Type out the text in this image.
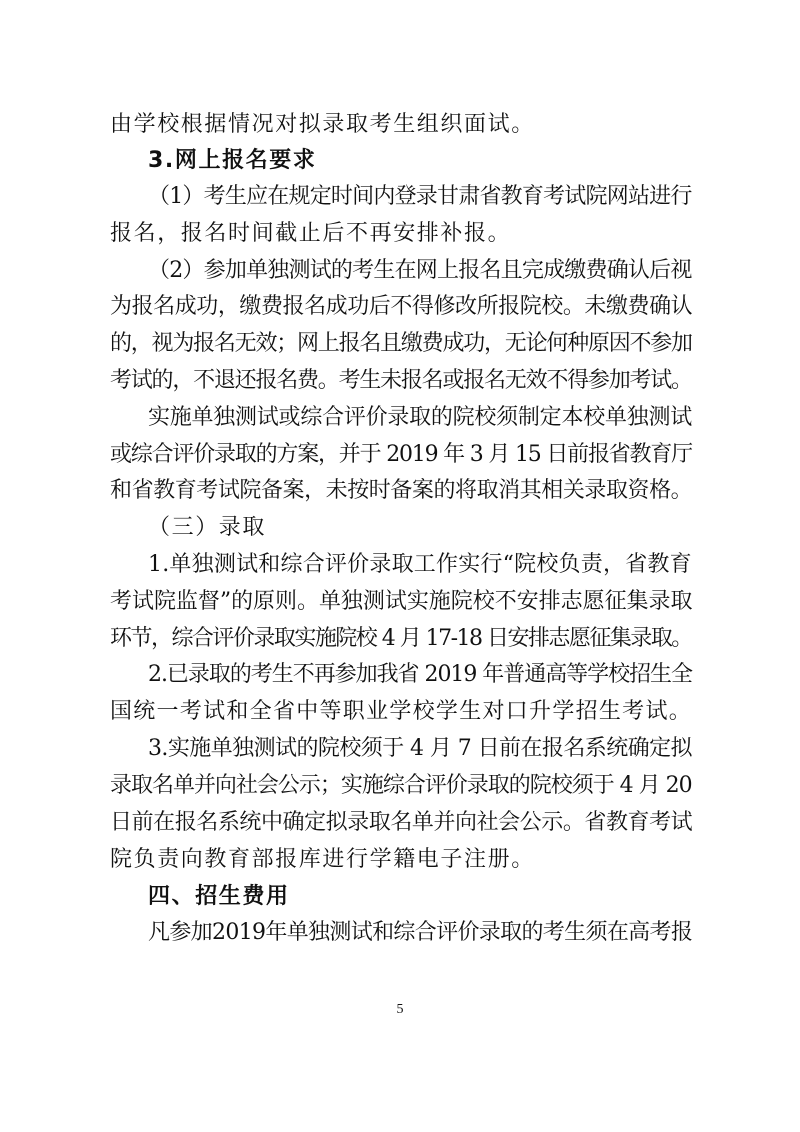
由学校根据情况对拟录取考生组织面试。
3.网上报名要求
（1）考生应在规定时间内登录甘肃省教育考试院网站进行
报名，报名时间截止后不再安排补报。
（2）参加单独测试的考生在网上报名且完成缴费确认后视
为报名成功，缴费报名成功后不得修改所报院校。未缴费确认
的，视为报名无效；网上报名且缴费成功，无论何种原因不参加
考试的，不退还报名费。考生未报名或报名无效不得参加考试。
实施单独测试或综合评价录取的院校须制定本校单独测试
或综合评价录取的方案，并于 2019 年 3 月 15 日前报省教育厅
和省教育考试院备案，未按时备案的将取消其相关录取资格。
（三）录取
1.单独测试和综合评价录取工作实行“院校负责，省教育
考试院监督”的原则。单独测试实施院校不安排志愿征集录取
环节，综合评价录取实施院校 4 月 17-18 日安排志愿征集录取。
2.已录取的考生不再参加我省 2019 年普通高等学校招生全
国统一考试和全省中等职业学校学生对口升学招生考试。
3.实施单独测试的院校须于 4 月 7 日前在报名系统确定拟
录取名单并向社会公示；实施综合评价录取的院校须于 4 月 20
日前在报名系统中确定拟录取名单并向社会公示。省教育考试
院负责向教育部报库进行学籍电子注册。
四、招生费用
凡参加2019年单独测试和综合评价录取的考生须在高考报
5
